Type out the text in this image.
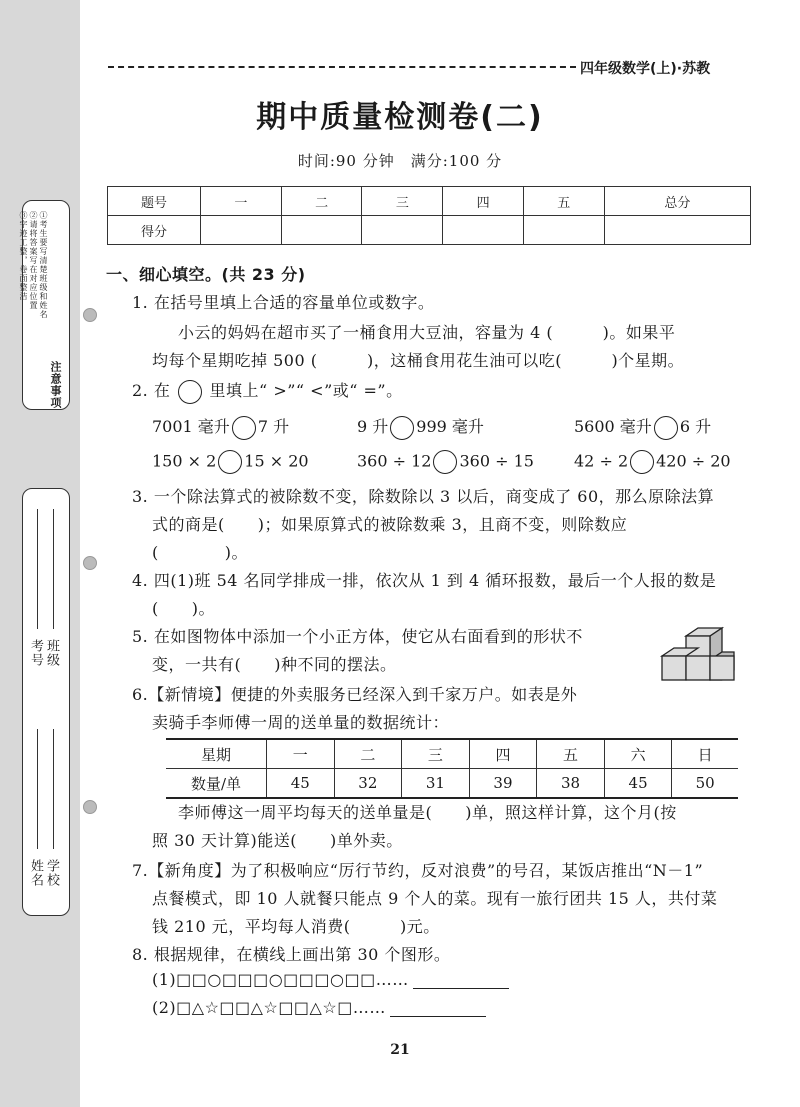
注意事项
①考生要写清楚班级和姓名
②请将答案写在对应位置
③字迹工整，卷面整洁
班级
考号
学校
姓名
四年级数学(上)·苏教
期中质量检测卷(二)
时间:90 分钟　满分:100 分
题号	一	二	三	四	五	总分
得分						
一、细心填空。(共 23 分)
1. 在括号里填上合适的容量单位或数字。
小云的妈妈在超市买了一桶食用大豆油，容量为 4 (　　　)。如果平
均每个星期吃掉 500 (　　　)，这桶食用花生油可以吃(　　　)个星期。
2. 在 里填上“ >”“ <”或“ =”。
7001 毫升 7 升	9 升 999 毫升	5600 毫升 6 升
150 × 2 15 × 20	360 ÷ 12 360 ÷ 15	42 ÷ 2 420 ÷ 20
3. 一个除法算式的被除数不变，除数除以 3 以后，商变成了 60，那么原除法算
式的商是(　　)；如果原算式的被除数乘 3，且商不变，则除数应
(　　　　)。
4. 四(1)班 54 名同学排成一排，依次从 1 到 4 循环报数，最后一个人报的数是
(　　)。
5. 在如图物体中添加一个小正方体，使它从右面看到的形状不
变，一共有(　　)种不同的摆法。
6.【新情境】便捷的外卖服务已经深入到千家万户。如表是外
卖骑手李师傅一周的送单量的数据统计：
星期	一	二	三	四	五	六	日
数量/单	45	32	31	39	38	45	50
李师傅这一周平均每天的送单量是(　　)单，照这样计算，这个月(按
照 30 天计算)能送(　　)单外卖。
7.【新角度】为了积极响应“厉行节约，反对浪费”的号召，某饭店推出“N－1”
点餐模式，即 10 人就餐只能点 9 个人的菜。现有一旅行团共 15 人，共付菜
钱 210 元，平均每人消费(　　　)元。
8. 根据规律，在横线上画出第 30 个图形。
(1)□□○□□□○□□□○□□……
(2)□△☆□□△☆□□△☆□……
21
